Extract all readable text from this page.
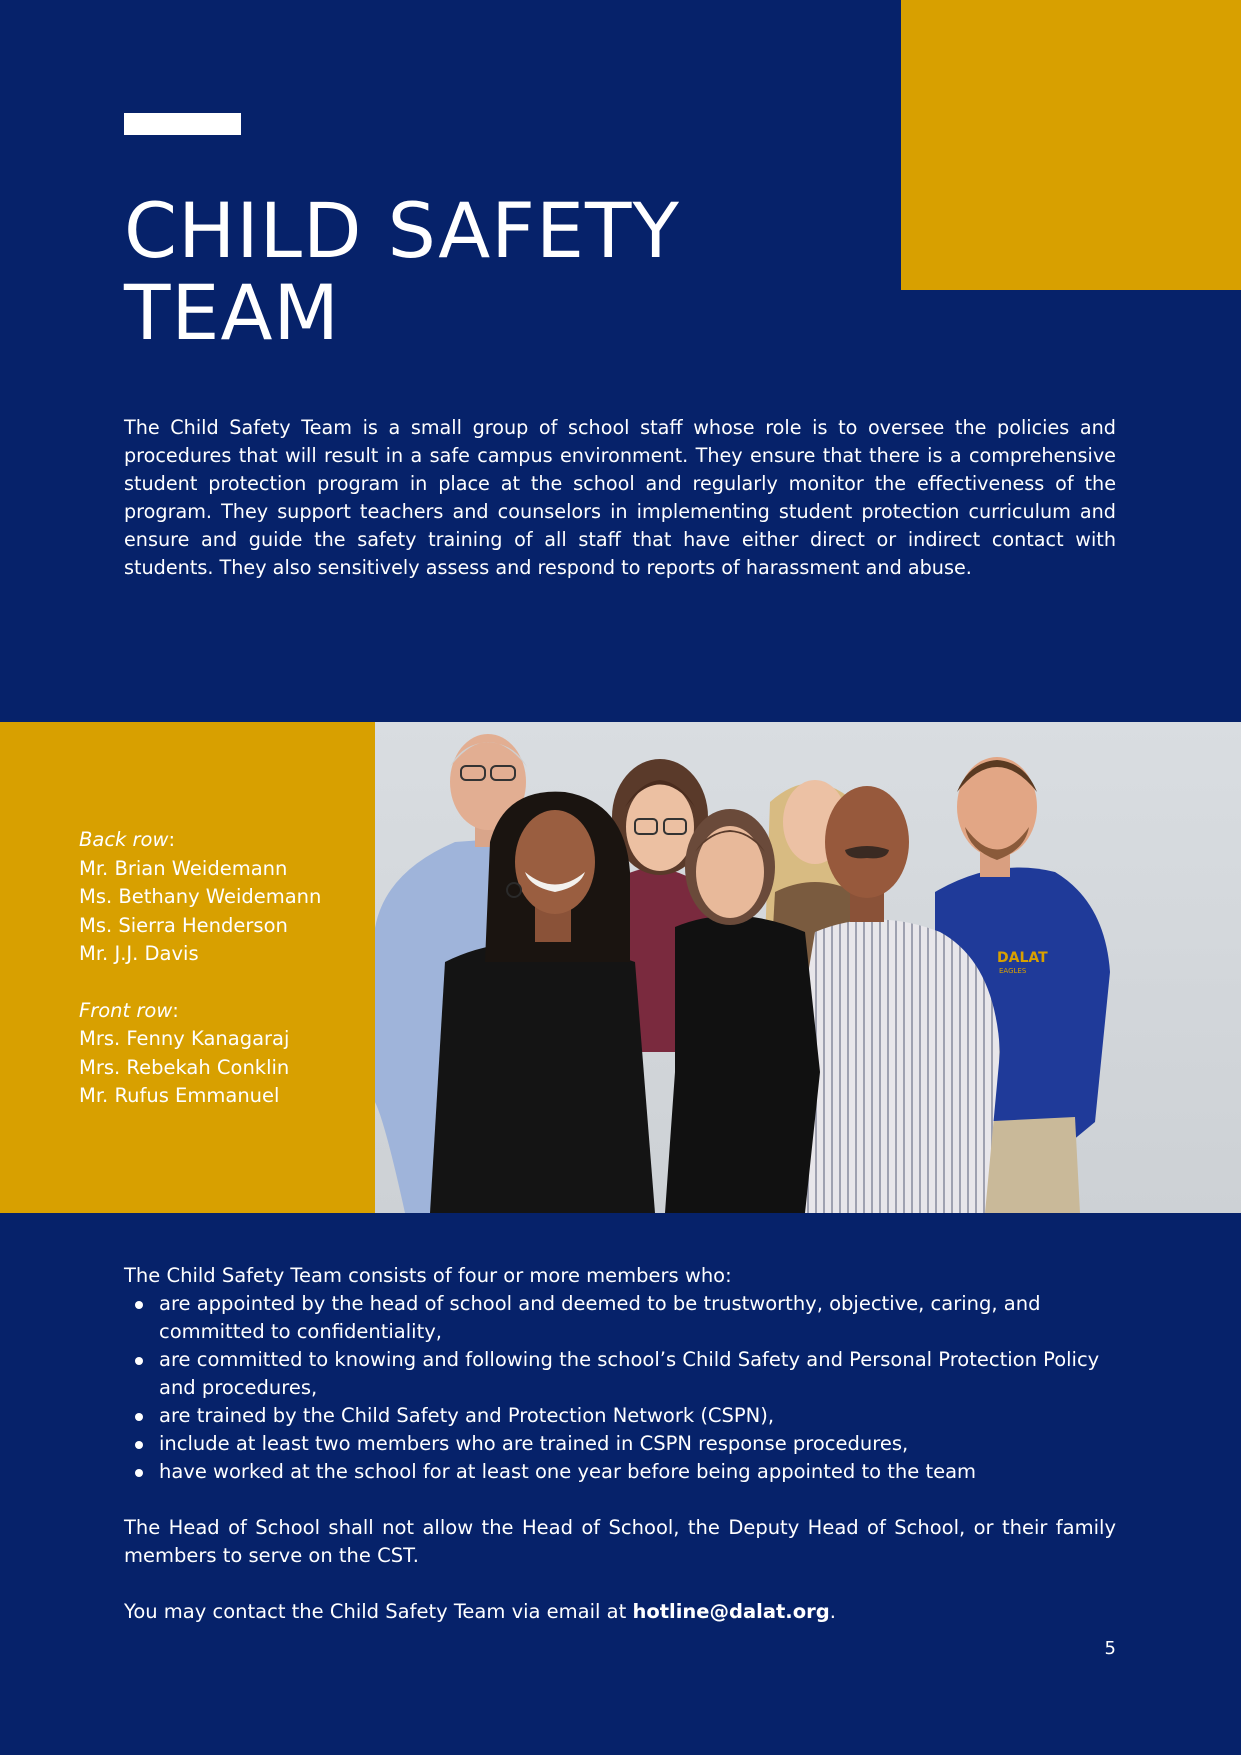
CHILD SAFETY
TEAM

The Child Safety Team is a small group of school staff whose role is to oversee the policies and procedures that will result in a safe campus environment. They ensure that there is a comprehensive student protection program in place at the school and regularly monitor the effectiveness of the program. They support teachers and counselors in implementing student protection curriculum and ensure and guide the safety training of all staff that have either direct or indirect contact with students. They also sensitively assess and respond to reports of harassment and abuse.

Back row:
Mr. Brian Weidemann
Ms. Bethany Weidemann
Ms. Sierra Henderson
Mr. J.J. Davis
Front row:
Mrs. Fenny Kanagaraj
Mrs. Rebekah Conklin
Mr. Rufus Emmanuel
DALAT
EAGLES

The Child Safety Team consists of four or more members who:

are appointed by the head of school and deemed to be trustworthy, objective, caring, and committed to confidentiality,
are committed to knowing and following the school’s Child Safety and Personal Protection Policy and procedures,
are trained by the Child Safety and Protection Network (CSPN),
include at least two members who are trained in CSPN response procedures,
have worked at the school for at least one year before being appointed to the team

The Head of School shall not allow the Head of School, the Deputy Head of School, or their family members to serve on the CST.

You may contact the Child Safety Team via email at hotline@dalat.org.

5
